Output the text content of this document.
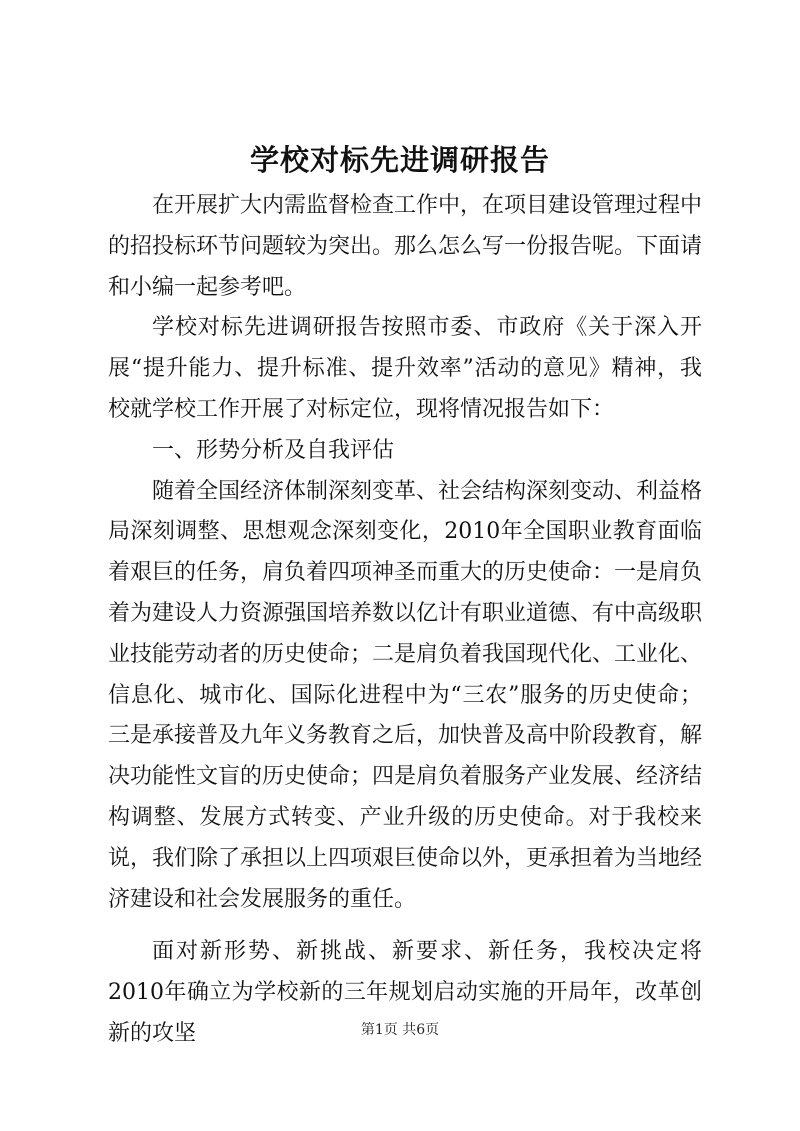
学校对标先进调研报告

在开展扩大内需监督检查工作中，在项目建设管理过程中的招投标环节问题较为突出。那么怎么写一份报告呢。下面请和小编一起参考吧。

学校对标先进调研报告按照市委、市政府《关于深入开展“提升能力、提升标准、提升效率”活动的意见》精神，我校就学校工作开展了对标定位，现将情况报告如下：

一、形势分析及自我评估

随着全国经济体制深刻变革、社会结构深刻变动、利益格局深刻调整、思想观念深刻变化，2010年全国职业教育面临着艰巨的任务，肩负着四项神圣而重大的历史使命：一是肩负着为建设人力资源强国培养数以亿计有职业道德、有中高级职业技能劳动者的历史使命；二是肩负着我国现代化、工业化、信息化、城市化、国际化进程中为“三农”服务的历史使命；三是承接普及九年义务教育之后，加快普及高中阶段教育，解决功能性文盲的历史使命；四是肩负着服务产业发展、经济结构调整、发展方式转变、产业升级的历史使命。对于我校来说，我们除了承担以上四项艰巨使命以外，更承担着为当地经济建设和社会发展服务的重任。

面对新形势、新挑战、新要求、新任务，我校决定将2010年确立为学校新的三年规划启动实施的开局年，改革创新的攻坚	第1页 共6页
